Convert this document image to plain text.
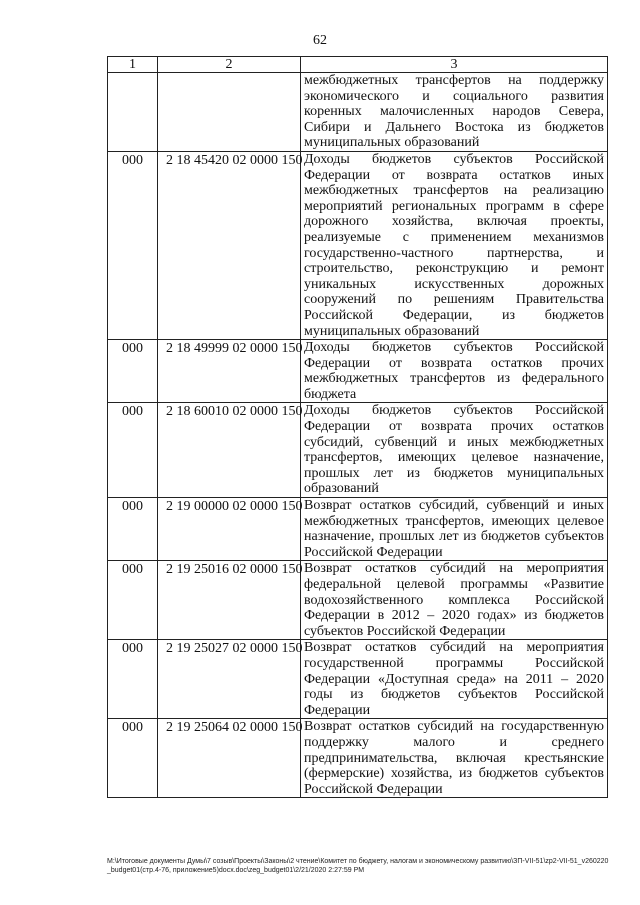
62
1	2	3
		межбюджетных трансфертов на поддержку экономического и социального развития коренных малочисленных народов Севера, Сибири и Дальнего Востока из бюджетов муниципальных образований
000	2 18 45420 02 0000 150	Доходы бюджетов субъектов Российской Федерации от возврата остатков иных межбюджетных трансфертов на реализацию мероприятий региональных программ в сфере дорожного хозяйства, включая проекты, реализуемые с применением механизмов государственно-частного партнерства, и строительство, реконструкцию и ремонт уникальных искусственных дорожных сооружений по решениям Правительства Российской Федерации, из бюджетов муниципальных образований
000	2 18 49999 02 0000 150	Доходы бюджетов субъектов Российской Федерации от возврата остатков прочих межбюджетных трансфертов из федерального бюджета
000	2 18 60010 02 0000 150	Доходы бюджетов субъектов Российской Федерации от возврата прочих остатков субсидий, субвенций и иных межбюджетных трансфертов, имеющих целевое назначение, прошлых лет из бюджетов муниципальных образований
000	2 19 00000 02 0000 150	Возврат остатков субсидий, субвенций и иных межбюджетных трансфертов, имеющих целевое назначение, прошлых лет из бюджетов субъектов Российской Федерации
000	2 19 25016 02 0000 150	Возврат остатков субсидий на мероприятия федеральной целевой программы «Развитие водохозяйственного комплекса Российской Федерации в 2012 – 2020 годах» из бюджетов субъектов Российской Федерации
000	2 19 25027 02 0000 150	Возврат остатков субсидий на мероприятия государственной программы Российской Федерации «Доступная среда» на 2011 – 2020 годы из бюджетов субъектов Российской Федерации
000	2 19 25064 02 0000 150	Возврат остатков субсидий на государственную поддержку малого и среднего предпринимательства, включая крестьянские (фермерские) хозяйства, из бюджетов субъектов Российской Федерации
M:\Итоговые документы Думы\7 созыв\Проекты\Законы\2 чтение\Комитет по бюджету, налогам и экономическому развитию\ЗП-VII-51\zp2-VII-51_v260220_budget01(стр.4-76, приложение5)docx.doc\zeg_budget01\2/21/2020 2:27:59 PM
